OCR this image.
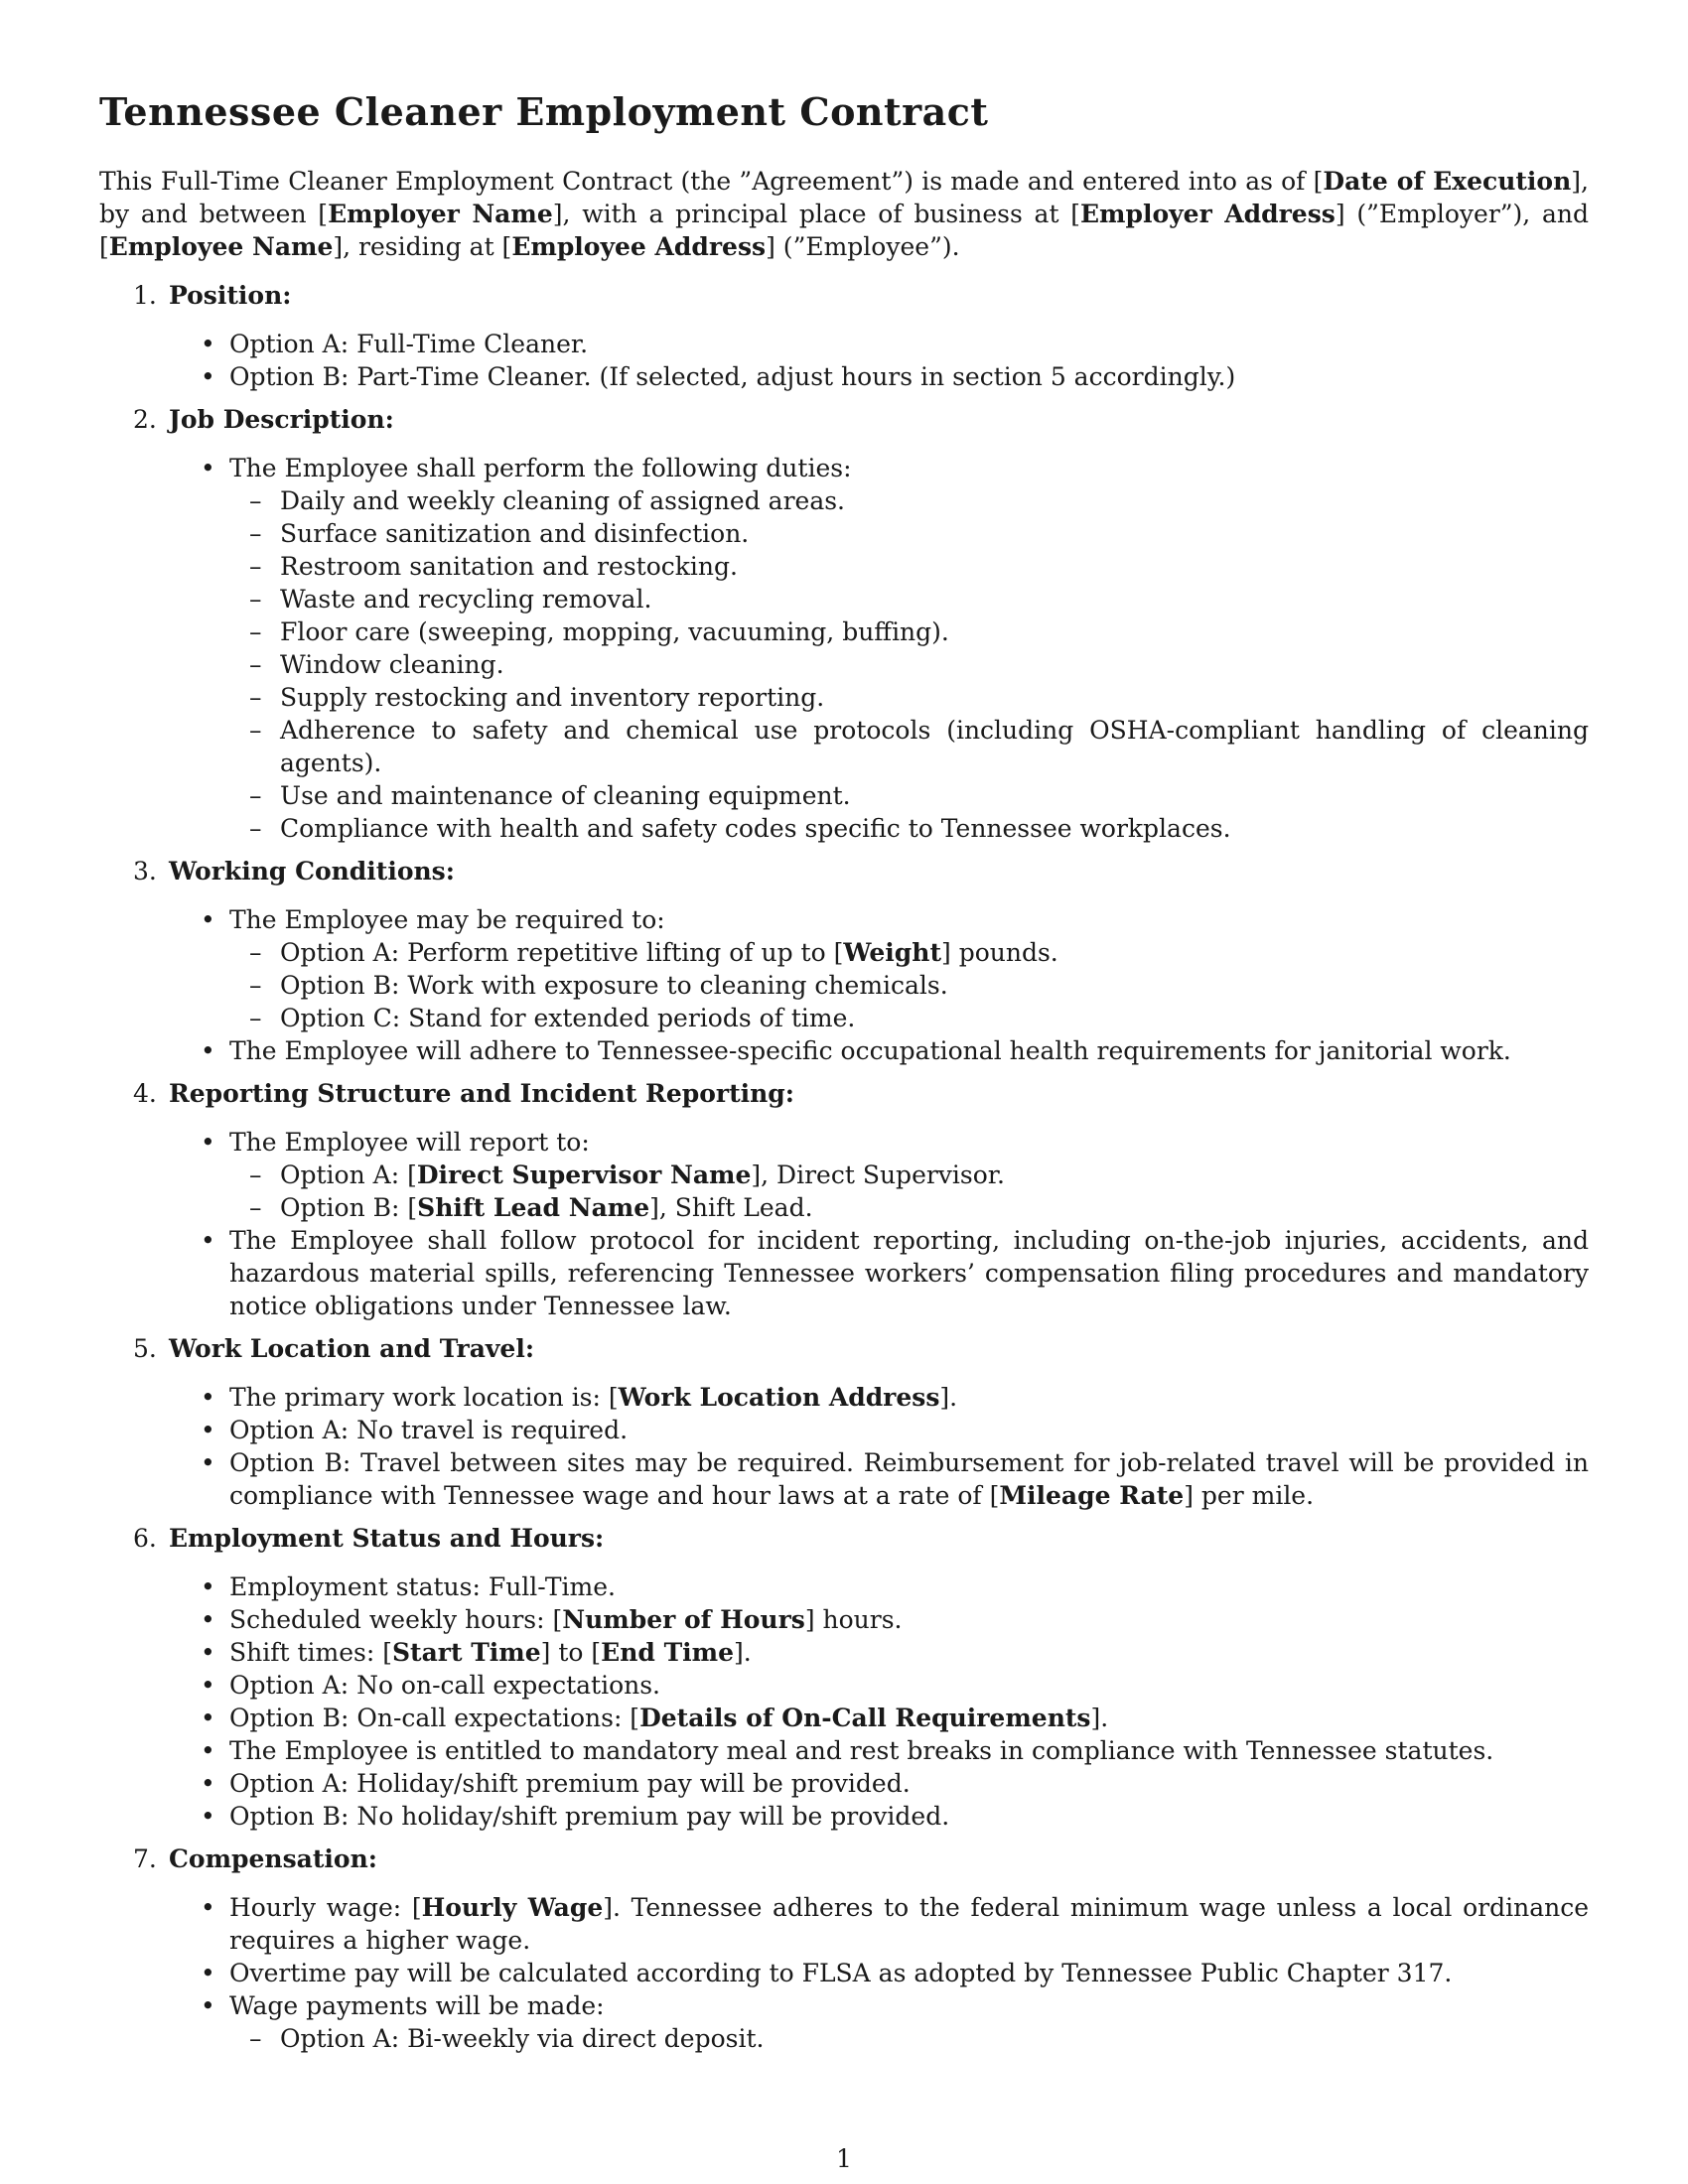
Tennessee Cleaner Employment Contract

This Full-Time Cleaner Employment Contract (the ”Agreement”) is made and entered into as of [Date of Execution], by and between [Employer Name], with a principal place of business at [Employer Address] (”Employer”), and [Employee Name], residing at [Employee Address] (”Employee”).

1. Position:
• Option A: Full-Time Cleaner.
• Option B: Part-Time Cleaner. (If selected, adjust hours in section 5 accordingly.)
2. Job Description:
• The Employee shall perform the following duties:
– Daily and weekly cleaning of assigned areas.
– Surface sanitization and disinfection.
– Restroom sanitation and restocking.
– Waste and recycling removal.
– Floor care (sweeping, mopping, vacuuming, buffing).
– Window cleaning.
– Supply restocking and inventory reporting.
– Adherence to safety and chemical use protocols (including OSHA-compliant handling of cleaning agents).
– Use and maintenance of cleaning equipment.
– Compliance with health and safety codes specific to Tennessee workplaces.
3. Working Conditions:
• The Employee may be required to:
– Option A: Perform repetitive lifting of up to [Weight] pounds.
– Option B: Work with exposure to cleaning chemicals.
– Option C: Stand for extended periods of time.
• The Employee will adhere to Tennessee-specific occupational health requirements for janitorial work.
4. Reporting Structure and Incident Reporting:
• The Employee will report to:
– Option A: [Direct Supervisor Name], Direct Supervisor.
– Option B: [Shift Lead Name], Shift Lead.
• The Employee shall follow protocol for incident reporting, including on-the-job injuries, accidents, and hazardous material spills, referencing Tennessee workers’ compensation filing procedures and mandatory notice obligations under Tennessee law.
5. Work Location and Travel:
• The primary work location is: [Work Location Address].
• Option A: No travel is required.
• Option B: Travel between sites may be required. Reimbursement for job-related travel will be provided in compliance with Tennessee wage and hour laws at a rate of [Mileage Rate] per mile.
6. Employment Status and Hours:
• Employment status: Full-Time.
• Scheduled weekly hours: [Number of Hours] hours.
• Shift times: [Start Time] to [End Time].
• Option A: No on-call expectations.
• Option B: On-call expectations: [Details of On-Call Requirements].
• The Employee is entitled to mandatory meal and rest breaks in compliance with Tennessee statutes.
• Option A: Holiday/shift premium pay will be provided.
• Option B: No holiday/shift premium pay will be provided.
7. Compensation:
• Hourly wage: [Hourly Wage]. Tennessee adheres to the federal minimum wage unless a local ordinance requires a higher wage.
• Overtime pay will be calculated according to FLSA as adopted by Tennessee Public Chapter 317.
• Wage payments will be made:
– Option A: Bi-weekly via direct deposit.
1
